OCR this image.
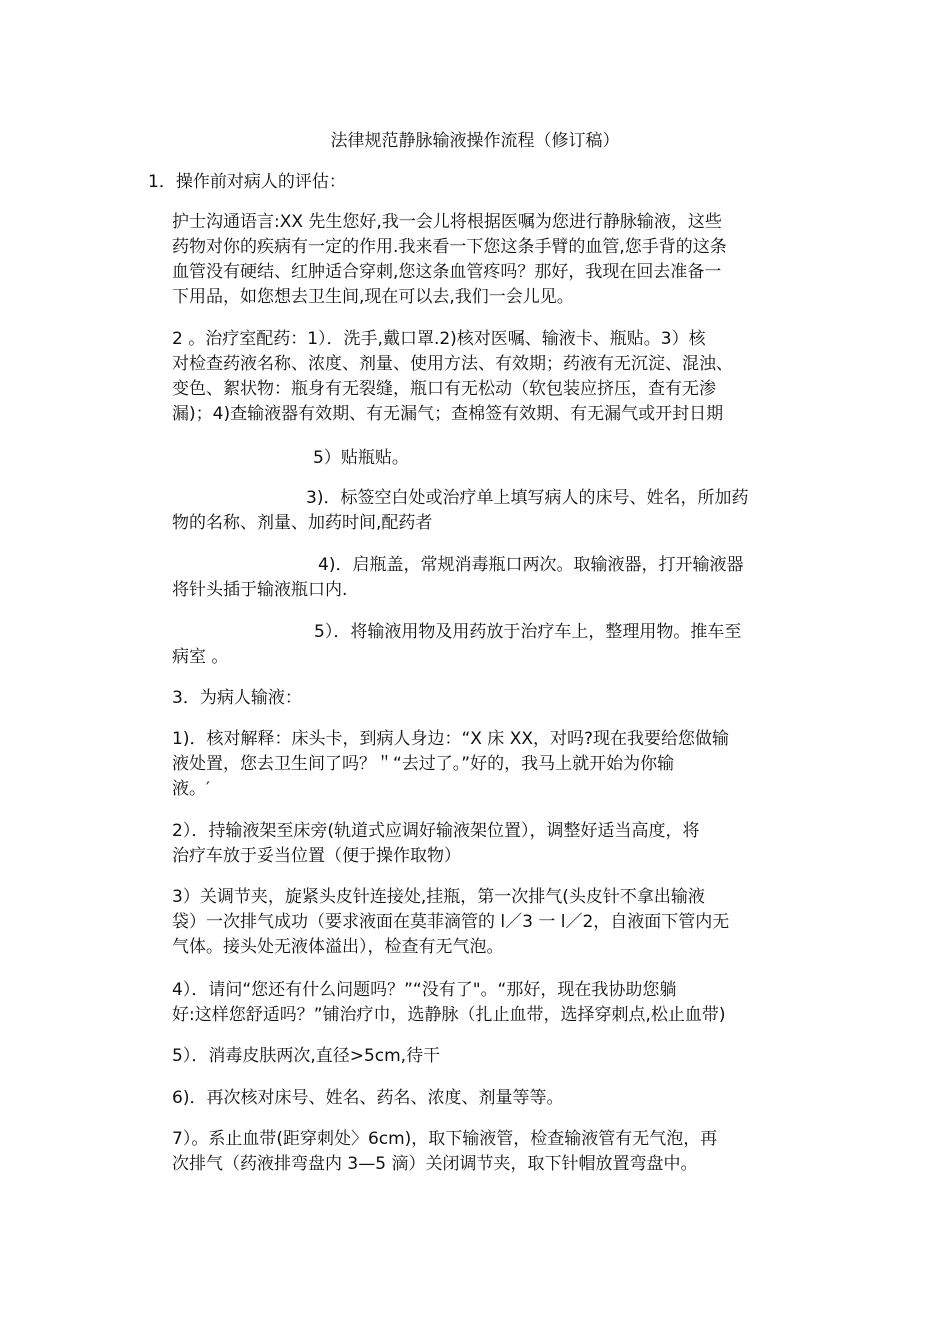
法律规范静脉输液操作流程（修订稿）

1．操作前对病人的评估：

护士沟通语言:XX 先生您好,我一会儿将根据医嘱为您进行静脉输液，这些
药物对你的疾病有一定的作用.我来看一下您这条手臂的血管,您手背的这条
血管没有硬结、红肿适合穿刺,您这条血管疼吗？那好，我现在回去准备一
下用品，如您想去卫生间,现在可以去,我们一会儿见。

2 。治疗室配药：1）．洗手,戴口罩.2)核对医嘱、输液卡、瓶贴。3）核
对检查药液名称、浓度、剂量、使用方法、有效期；药液有无沉淀、混浊、
变色、絮状物：瓶身有无裂缝，瓶口有无松动（软包装应挤压，查有无渗
漏)；4)查输液器有效期、有无漏气；查棉签有效期、有无漏气或开封日期

5）贴瓶贴。

3)．标签空白处或治疗单上填写病人的床号、姓名，所加药
物的名称、剂量、加药时间,配药者

4)．启瓶盖，常规消毒瓶口两次。取输液器，打开输液器
将针头插于输液瓶口内.

5）．将输液用物及用药放于治疗车上，整理用物。推车至
病室 。

3．为病人输液：

1)．核对解释：床头卡，到病人身边：“X 床 XX，对吗?现在我要给您做输
液处置，您去卫生间了吗？＂“去过了。”好的，我马上就开始为你输
液。′

2）．持输液架至床旁(轨道式应调好输液架位置），调整好适当高度，将
治疗车放于妥当位置（便于操作取物）

3）关调节夹，旋紧头皮针连接处,挂瓶，第一次排气(头皮针不拿出输液
袋）一次排气成功（要求液面在莫菲滴管的 l／3 一 l／2，自液面下管内无
气体。接头处无液体溢出），检查有无气泡。

4）．请问“您还有什么问题吗？”“没有了"。“那好，现在我协助您躺
好:这样您舒适吗？”铺治疗巾，选静脉（扎止血带，选择穿刺点,松止血带)

5）．消毒皮肤两次,直径>5cm,待干

6)．再次核对床号、姓名、药名、浓度、剂量等等。

7）。系止血带(距穿刺处〉6cm)，取下输液管，检查输液管有无气泡，再
次排气（药液排弯盘内 3—5 滴）关闭调节夹，取下针帽放置弯盘中。
